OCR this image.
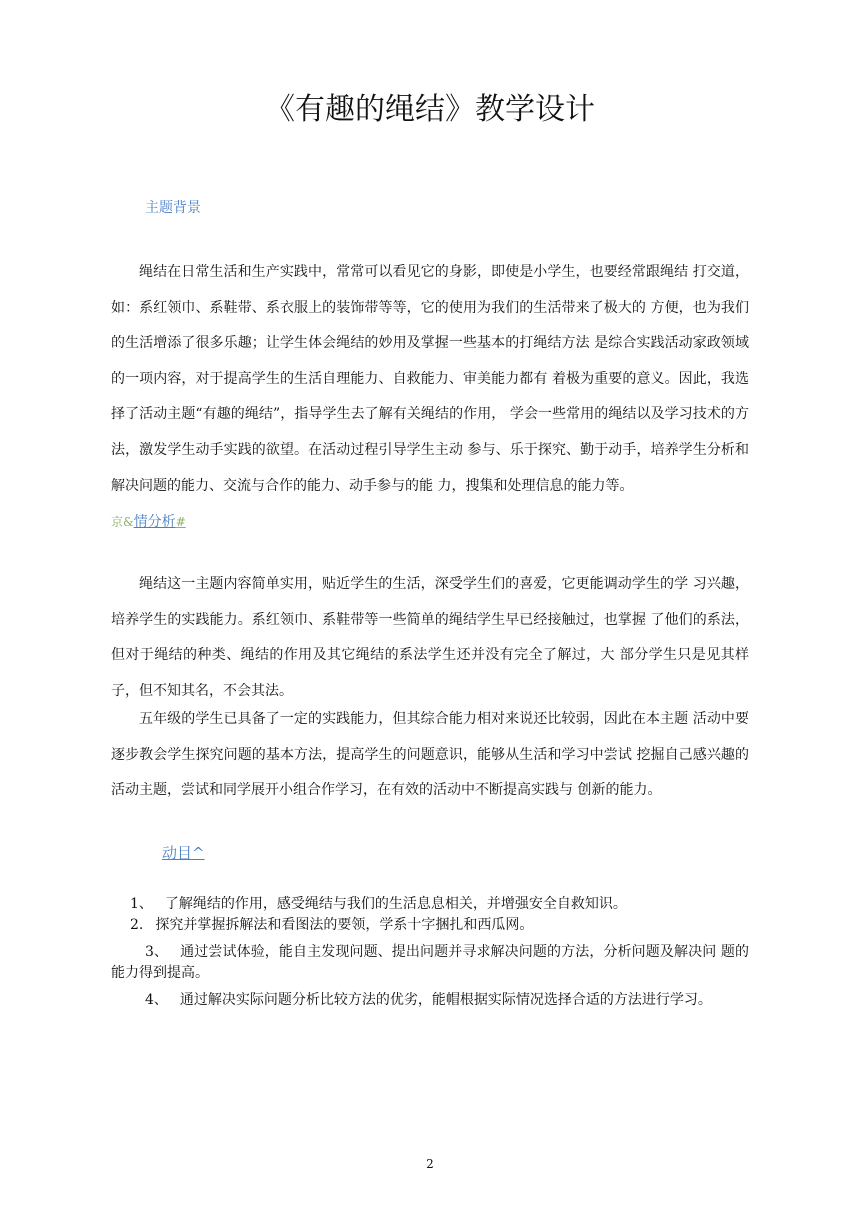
《有趣的绳结》教学设计
主题背景
绳结在日常生活和生产实践中，常常可以看见它的身影，即使是小学生，也要经常跟绳结 打交道，如：系红领巾、系鞋带、系衣服上的装饰带等等，它的使用为我们的生活带来了极大的 方便，也为我们的生活增添了很多乐趣；让学生体会绳结的妙用及掌握一些基本的打绳结方法 是综合实践活动家政领域的一项内容，对于提高学生的生活自理能力、自救能力、审美能力都有 着极为重要的意义。因此，我选择了活动主题“有趣的绳结”，指导学生去了解有关绳结的作用， 学会一些常用的绳结以及学习技术的方法，激发学生动手实践的欲望。在活动过程引导学生主动 参与、乐于探究、勤于动手，培养学生分析和解决问题的能力、交流与合作的能力、动手参与的能 力，搜集和处理信息的能力等。
京&情分析#
绳结这一主题内容简单实用，贴近学生的生活，深受学生们的喜爱，它更能调动学生的学 习兴趣，培养学生的实践能力。系红领巾、系鞋带等一些简单的绳结学生早已经接触过，也掌握 了他们的系法，但对于绳结的种类、绳结的作用及其它绳结的系法学生还并没有完全了解过，大 部分学生只是见其样子，但不知其名，不会其法。
五年级的学生已具备了一定的实践能力，但其综合能力相对来说还比较弱，因此在本主题 活动中要逐步教会学生探究问题的基本方法，提高学生的问题意识，能够从生活和学习中尝试 挖掘自己感兴趣的活动主题，尝试和同学展开小组合作学习，在有效的活动中不断提高实践与 创新的能力。
动目^
1、 了解绳结的作用，感受绳结与我们的生活息息相关，并增强安全自救知识。
2. 探究并掌握拆解法和看图法的要领，学系十字捆扎和西瓜网。
3、 通过尝试体验，能自主发现问题、提出问题并寻求解决问题的方法，分析问题及解决问 题的能力得到提高。
4、 通过解决实际问题分析比较方法的优劣，能帽根据实际情况选择合适的方法进行学习。
2
